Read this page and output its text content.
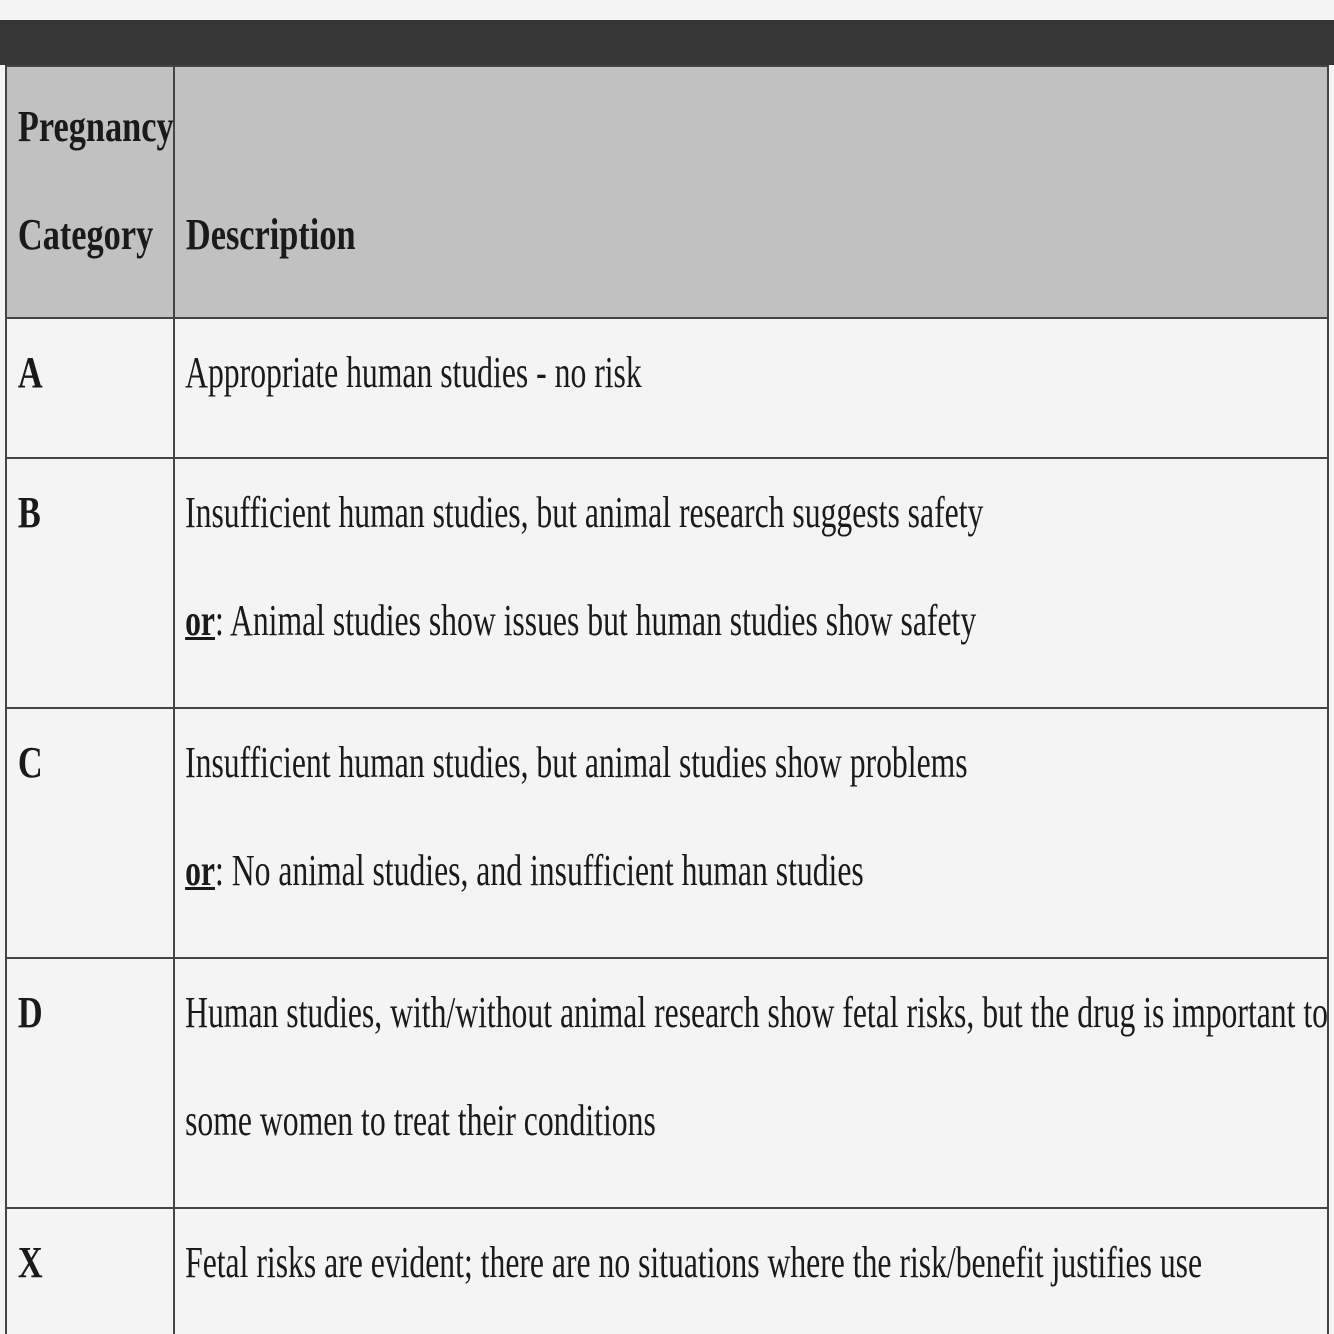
Pregnancy
Category	Description

A	Appropriate human studies - no risk

B	Insufficient human studies, but animal research suggests safety
or: Animal studies show issues but human studies show safety

C	Insufficient human studies, but animal studies show problems
or: No animal studies, and insufficient human studies

D	Human studies, with/without animal research show fetal risks, but the drug is important to
some women to treat their conditions

X	Fetal risks are evident; there are no situations where the risk/benefit justifies use
